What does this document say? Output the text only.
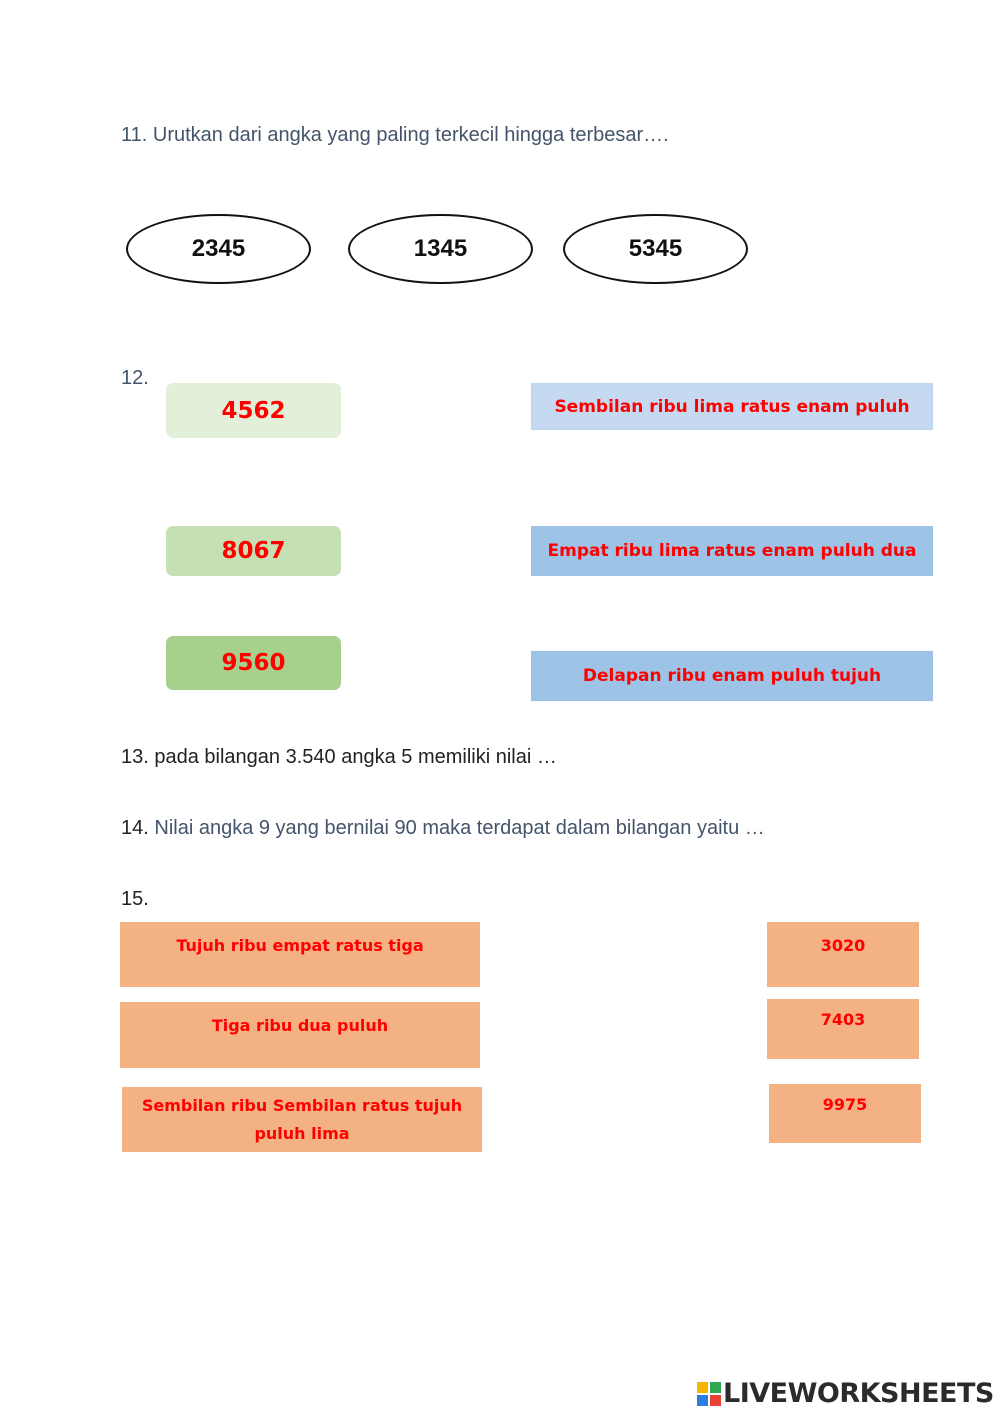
11. Urutkan dari angka yang paling terkecil hingga terbesar….
2345	1345	5345
12.
4562
8067
9560
Sembilan ribu lima ratus enam puluh
Empat ribu lima ratus enam puluh dua
Delapan ribu enam puluh tujuh
13. pada bilangan 3.540 angka 5 memiliki nilai …
14. Nilai angka 9 yang bernilai 90 maka terdapat dalam bilangan yaitu …
15.
Tujuh ribu empat ratus tiga
Tiga ribu dua puluh
Sembilan ribu Sembilan ratus tujuh puluh lima
3020
7403
9975
LIVEWORKSHEETS
